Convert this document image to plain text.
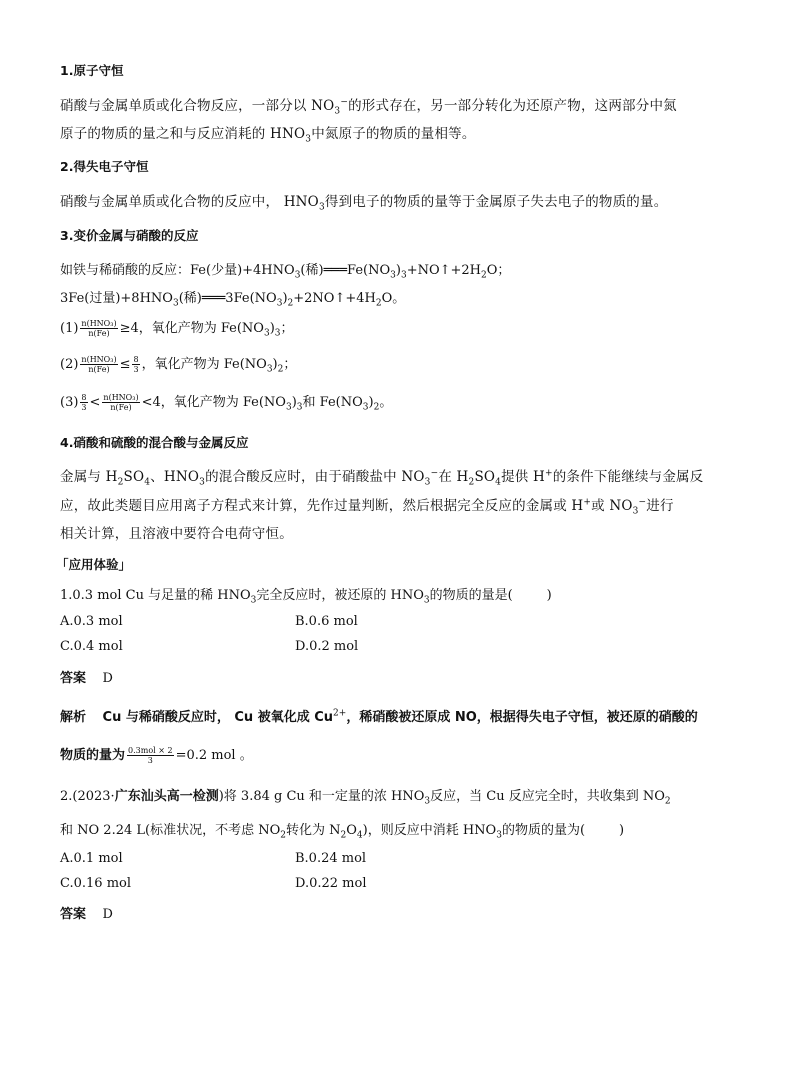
1.原子守恒
硝酸与金属单质或化合物反应，一部分以 $NO_3^-$的形式存在，另一部分转化为还原产物，这两部分中氮
原子的物质的量之和与反应消耗的 $HNO_3$中氮原子的物质的量相等。
2.得失电子守恒
硝酸与金属单质或化合物的反应中， $HNO_3$得到电子的物质的量等于金属原子失去电子的物质的量。
3.变价金属与硝酸的反应
如铁与稀硝酸的反应：Fe(少量)$+4HNO_3$(稀)$═══Fe(NO_3)_3+NO↑+2H_2O$；
3Fe(过量)$+8HNO_3$(稀)$═══3Fe(NO_3)_2+2NO↑+4H_2O$。
$(1) \frac{\text{n(HNO₃)}}{n(Fe)} \ge 4$，氧化产物为 $Fe(NO_3)_3$；
$(2) \frac{\text{n(HNO₃)}}{n(Fe)} \le \frac{8}{3}$ ，氧化产物为 $Fe(NO_3)_2$；
$(3) \frac{8}{3} < \frac{\text{n(HNO₃)}}{n(Fe)} <4$，氧化产物为 $Fe(NO_3)_3$和 $Fe(NO_3)_2$。
4.硝酸和硫酸的混合酸与金属反应
金属与 $H_2SO_4$、$HNO_3$的混合酸反应时，由于硝酸盐中 $NO_3^-$在 $H_2SO_4$提供 H+的条件下能继续与金属反
应，故此类题目应用离子方程式来计算，先作过量判断，然后根据完全反应的金属或 H+或 $NO_3^-$进行
相关计算，且溶液中要符合电荷守恒。
「应用体验」
1.0.3 mol Cu 与足量的稀 $HNO_3$完全反应时，被还原的 $HNO_3$的物质的量是(	)
A.0.3 mol	B.0.6 mol
C.0.4 mol	D.0.2 mol
答案 D
解析 Cu 与稀硝酸反应时， Cu 被氧化成 $Cu^{2+}$，稀硝酸被还原成 NO，根据得失电子守恒，被还原的硝酸的
物质的量为 $\frac{\text{0.3mol × 2}}{3} =0.2$ mol 。
2.(2023·广东汕头高一检测)将 3.84 g Cu 和一定量的浓 $HNO_3$反应，当 Cu 反应完全时，共收集到 $NO_2$
和 NO 2.24 L(标准状况，不考虑 $NO_2$转化为 $N_2O_4$)，则反应中消耗 $HNO_3$的物质的量为(	)
A.0.1 mol	B.0.24 mol
C.0.16 mol	D.0.22 mol
答案 D
